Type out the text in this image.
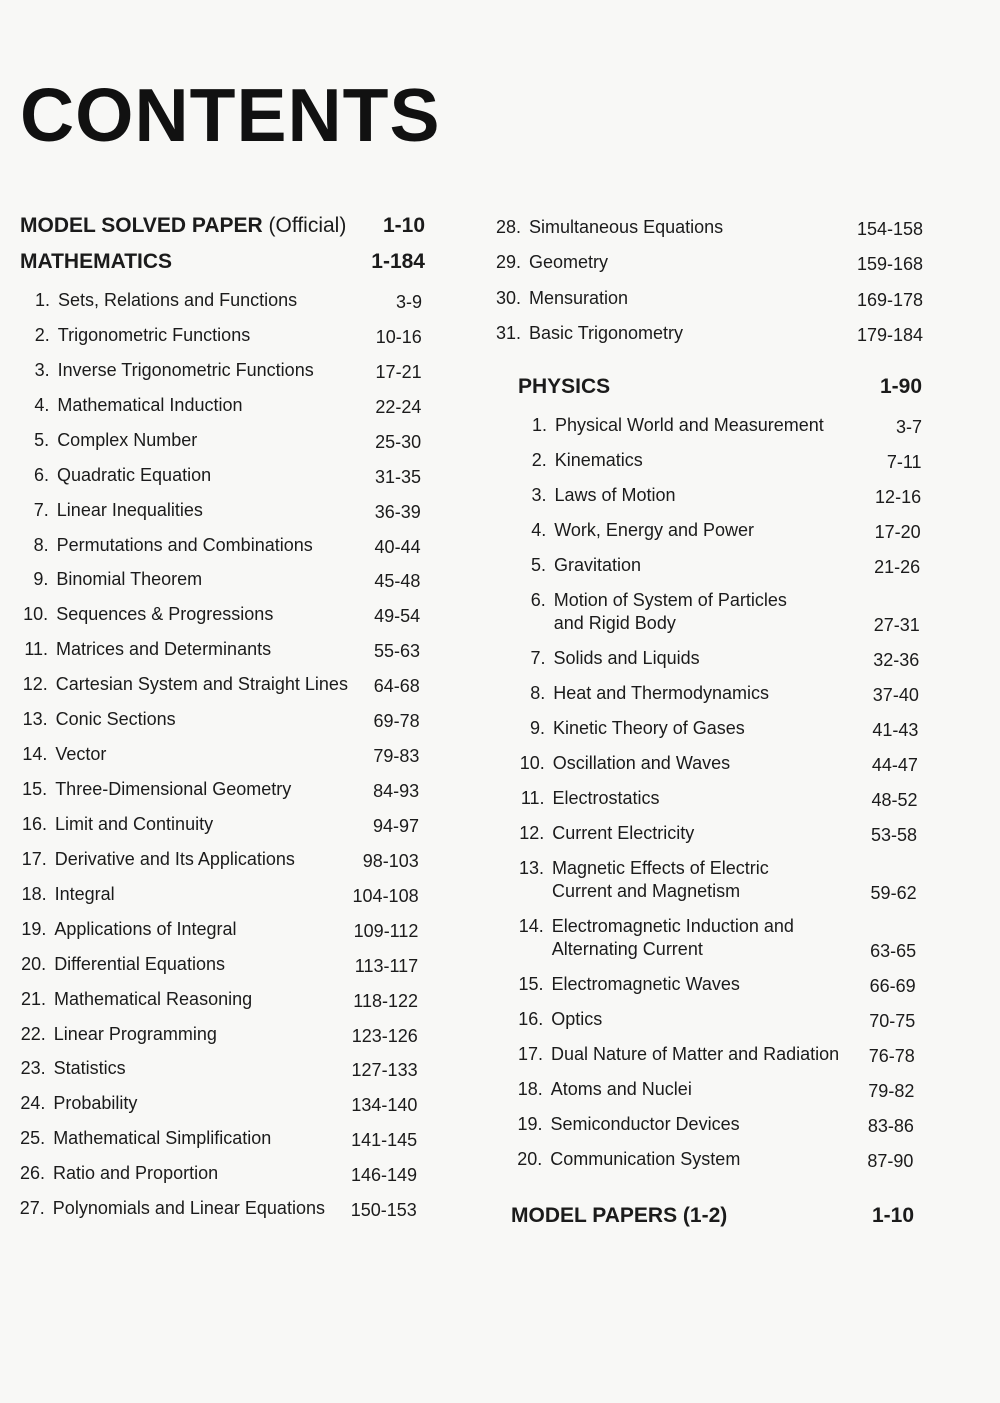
CONTENTS
MODEL SOLVED PAPER (Official) 1-10
MATHEMATICS	1-184
1. Sets, Relations and Functions	3-9
2. Trigonometric Functions	10-16
3. Inverse Trigonometric Functions	17-21
4. Mathematical Induction	22-24
5. Complex Number	25-30
6. Quadratic Equation	31-35
7. Linear Inequalities	36-39
8. Permutations and Combinations	40-44
9. Binomial Theorem	45-48
10. Sequences & Progressions	49-54
11. Matrices and Determinants	55-63
12. Cartesian System and Straight Lines 64-68
13. Conic Sections	69-78
14. Vector	79-83
15. Three-Dimensional Geometry	84-93
16. Limit and Continuity	94-97
17. Derivative and Its Applications	98-103
18. Integral	104-108
19. Applications of Integral	109-112
20. Differential Equations	113-117
21. Mathematical Reasoning	118-122
22. Linear Programming	123-126
23. Statistics	127-133
24. Probability	134-140
25. Mathematical Simplification	141-145
26. Ratio and Proportion	146-149
27. Polynomials and Linear Equations 150-153
28. Simultaneous Equations	154-158
29. Geometry	159-168
30. Mensuration	169-178
31. Basic Trigonometry	179-184
PHYSICS	1-90
1. Physical World and Measurement	3-7
2. Kinematics	7-11
3. Laws of Motion	12-16
4. Work, Energy and Power	17-20
5. Gravitation	21-26
6. Motion of System of Particles
and Rigid Body	27-31
7. Solids and Liquids	32-36
8. Heat and Thermodynamics	37-40
9. Kinetic Theory of Gases	41-43
10. Oscillation and Waves	44-47
11. Electrostatics	48-52
12. Current Electricity	53-58
13. Magnetic Effects of Electric
Current and Magnetism	59-62
14. Electromagnetic Induction and
Alternating Current	63-65
15. Electromagnetic Waves	66-69
16. Optics	70-75
17. Dual Nature of Matter and Radiation 76-78
18. Atoms and Nuclei	79-82
19. Semiconductor Devices	83-86
20. Communication System	87-90
MODEL PAPERS (1-2)	1-10
